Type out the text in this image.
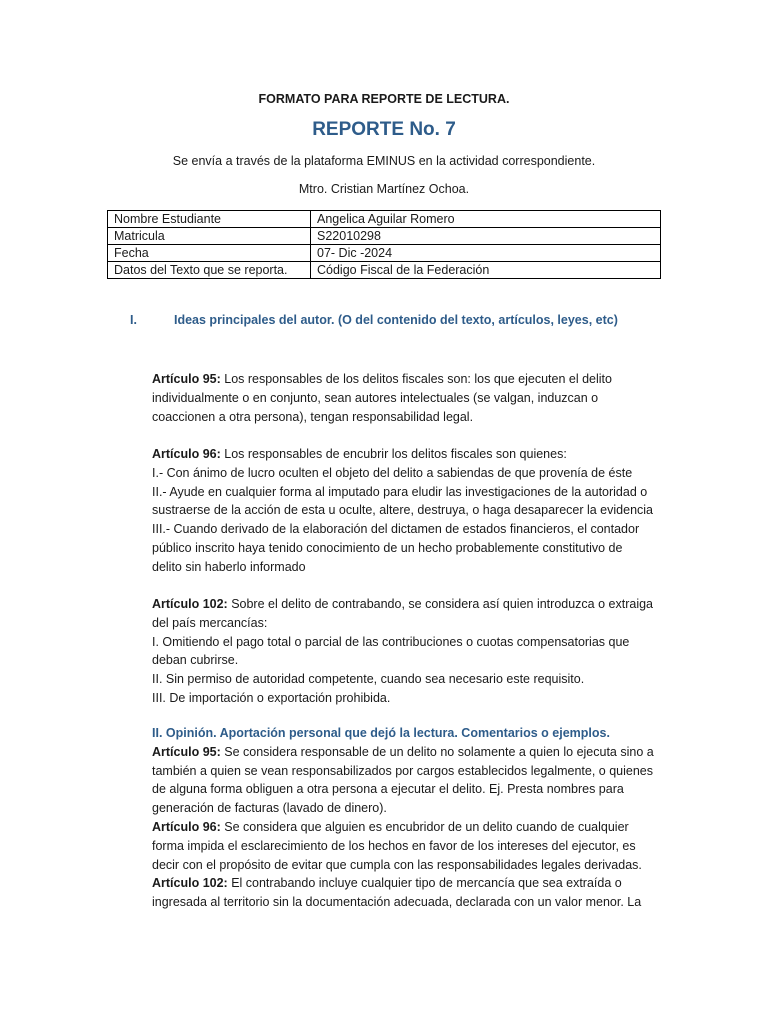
FORMATO PARA REPORTE DE LECTURA.
REPORTE No. 7
Se envía a través de la plataforma EMINUS en la actividad correspondiente.
Mtro. Cristian Martínez Ochoa.
Nombre Estudiante	Angelica Aguilar Romero
Matricula	S22010298
Fecha	07- Dic -2024
Datos del Texto que se reporta.	Código Fiscal de la Federación
I.	Ideas principales del autor. (O del contenido del texto, artículos, leyes, etc)
Artículo 95: Los responsables de los delitos fiscales son: los que ejecuten el delito
individualmente o en conjunto, sean autores intelectuales (se valgan, induzcan o
coaccionen a otra persona), tengan responsabilidad legal.
Artículo 96: Los responsables de encubrir los delitos fiscales son quienes:
I.- Con ánimo de lucro oculten el objeto del delito a sabiendas de que provenía de éste
II.- Ayude en cualquier forma al imputado para eludir las investigaciones de la autoridad o
sustraerse de la acción de esta u oculte, altere, destruya, o haga desaparecer la evidencia
III.- Cuando derivado de la elaboración del dictamen de estados financieros, el contador
público inscrito haya tenido conocimiento de un hecho probablemente constitutivo de
delito sin haberlo informado
Artículo 102: Sobre el delito de contrabando, se considera así quien introduzca o extraiga
del país mercancías:
I. Omitiendo el pago total o parcial de las contribuciones o cuotas compensatorias que
deban cubrirse.
II. Sin permiso de autoridad competente, cuando sea necesario este requisito.
III. De importación o exportación prohibida.
II. Opinión. Aportación personal que dejó la lectura. Comentarios o ejemplos.
Artículo 95: Se considera responsable de un delito no solamente a quien lo ejecuta sino a
también a quien se vean responsabilizados por cargos establecidos legalmente, o quienes
de alguna forma obliguen a otra persona a ejecutar el delito. Ej. Presta nombres para
generación de facturas (lavado de dinero).
Artículo 96: Se considera que alguien es encubridor de un delito cuando de cualquier
forma impida el esclarecimiento de los hechos en favor de los intereses del ejecutor, es
decir con el propósito de evitar que cumpla con las responsabilidades legales derivadas.
Artículo 102: El contrabando incluye cualquier tipo de mercancía que sea extraída o
ingresada al territorio sin la documentación adecuada, declarada con un valor menor. La
